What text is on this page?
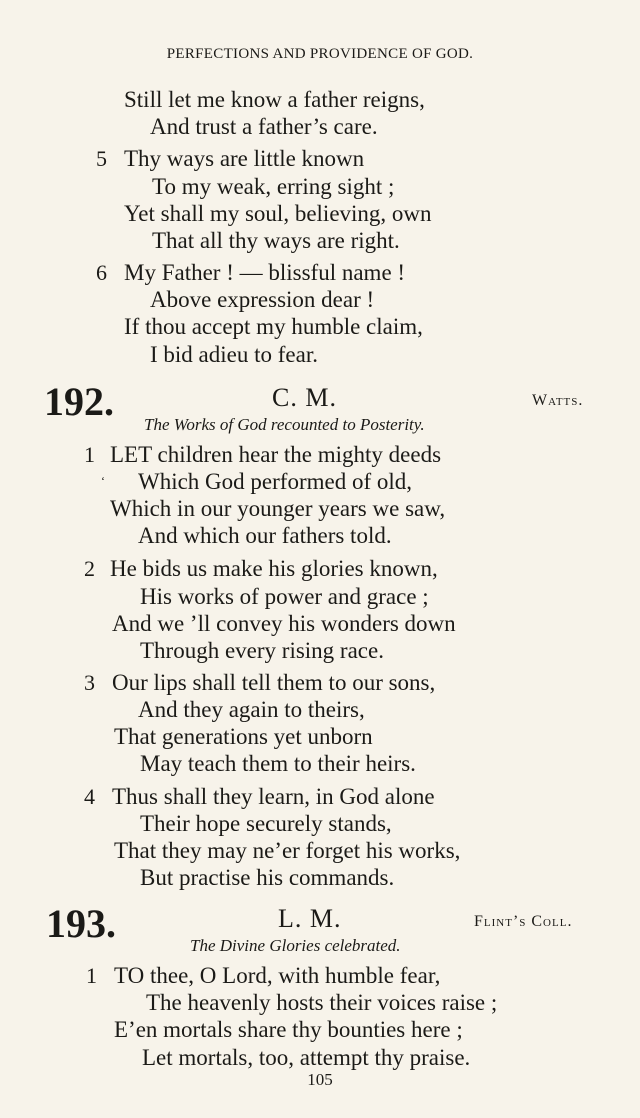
PERFECTIONS AND PROVIDENCE OF GOD.
Still let me know a father reigns,
And trust a father’s care.
5 Thy ways are little known
To my weak, erring sight ;
Yet shall my soul, believing, own
That all thy ways are right.
6 My Father ! — blissful name !
Above expression dear !
If thou accept my humble claim,
I bid adieu to fear.
192.	C. M.	Watts.
The Works of God recounted to Posterity.
1 LET children hear the mighty deeds
‘ Which God performed of old,
Which in our younger years we saw,
And which our fathers told.
2 He bids us make his glories known,
His works of power and grace ;
And we ’ll convey his wonders down
Through every rising race.
3 Our lips shall tell them to our sons,
And they again to theirs,
That generations yet unborn
May teach them to their heirs.
4 Thus shall they learn, in God alone
Their hope securely stands,
That they may ne’er forget his works,
But practise his commands.
193.	L. M.	Flint’s Coll.
The Divine Glories celebrated.
1 TO thee, O Lord, with humble fear,
The heavenly hosts their voices raise ;
E’en mortals share thy bounties here ;
Let mortals, too, attempt thy praise.
105
